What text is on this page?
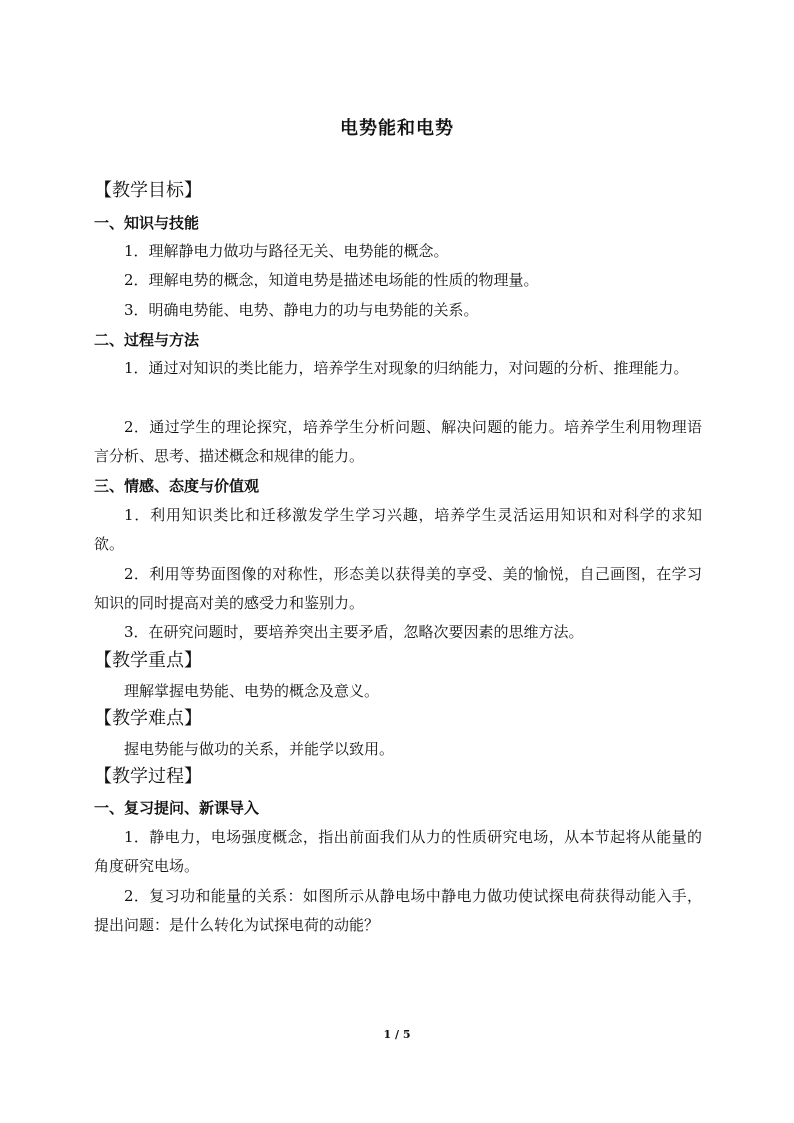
电势能和电势
【教学目标】
一、知识与技能
1．理解静电力做功与路径无关、电势能的概念。
2．理解电势的概念，知道电势是描述电场能的性质的物理量。
3．明确电势能、电势、静电力的功与电势能的关系。
二、过程与方法
1．通过对知识的类比能力，培养学生对现象的归纳能力，对问题的分析、推理能力。
2．通过学生的理论探究，培养学生分析问题、解决问题的能力。培养学生利用物理语言分析、思考、描述概念和规律的能力。
三、情感、态度与价值观
1．利用知识类比和迁移激发学生学习兴趣，培养学生灵活运用知识和对科学的求知欲。
2．利用等势面图像的对称性，形态美以获得美的享受、美的愉悦，自己画图，在学习知识的同时提高对美的感受力和鉴别力。
3．在研究问题时，要培养突出主要矛盾，忽略次要因素的思维方法。
【教学重点】
理解掌握电势能、电势的概念及意义。
【教学难点】
握电势能与做功的关系，并能学以致用。
【教学过程】
一、复习提问、新课导入
1．静电力，电场强度概念，指出前面我们从力的性质研究电场，从本节起将从能量的角度研究电场。
2．复习功和能量的关系：如图所示从静电场中静电力做功使试探电荷获得动能入手，提出问题：是什么转化为试探电荷的动能？
1 / 5
